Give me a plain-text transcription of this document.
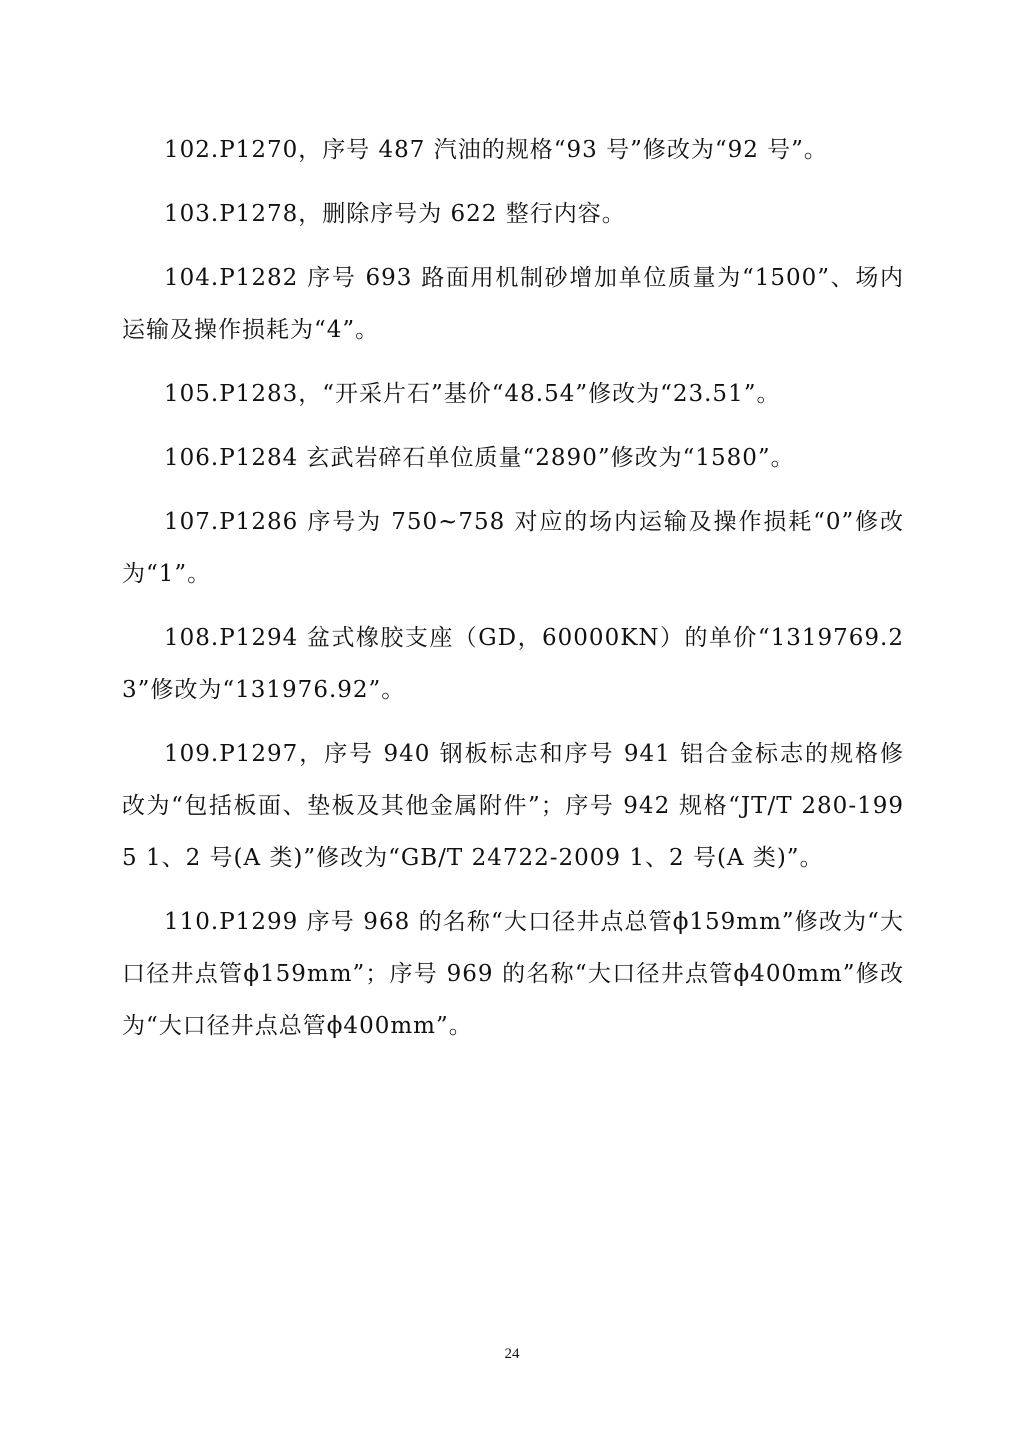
102.P1270，序号 487 汽油的规格“93 号”修改为“92 号”。

103.P1278，删除序号为 622 整行内容。

104.P1282 序号 693 路面用机制砂增加单位质量为“1500”、场内运输及操作损耗为“4”。

105.P1283，“开采片石”基价“48.54”修改为“23.51”。

106.P1284 玄武岩碎石单位质量“2890”修改为“1580”。

107.P1286 序号为 750~758 对应的场内运输及操作损耗“0”修改为“1”。

108.P1294 盆式橡胶支座（GD，60000KN）的单价“1319769.23”修改为“131976.92”。

109.P1297，序号 940 钢板标志和序号 941 铝合金标志的规格修改为“包括板面、垫板及其他金属附件”；序号 942 规格“JT/T 280-1995 1、2 号(A 类)”修改为“GB/T 24722-2009 1、2 号(A 类)”。

110.P1299 序号 968 的名称“大口径井点总管ϕ159mm”修改为“大口径井点管ϕ159mm”；序号 969 的名称“大口径井点管ϕ400mm”修改为“大口径井点总管ϕ400mm”。

24
